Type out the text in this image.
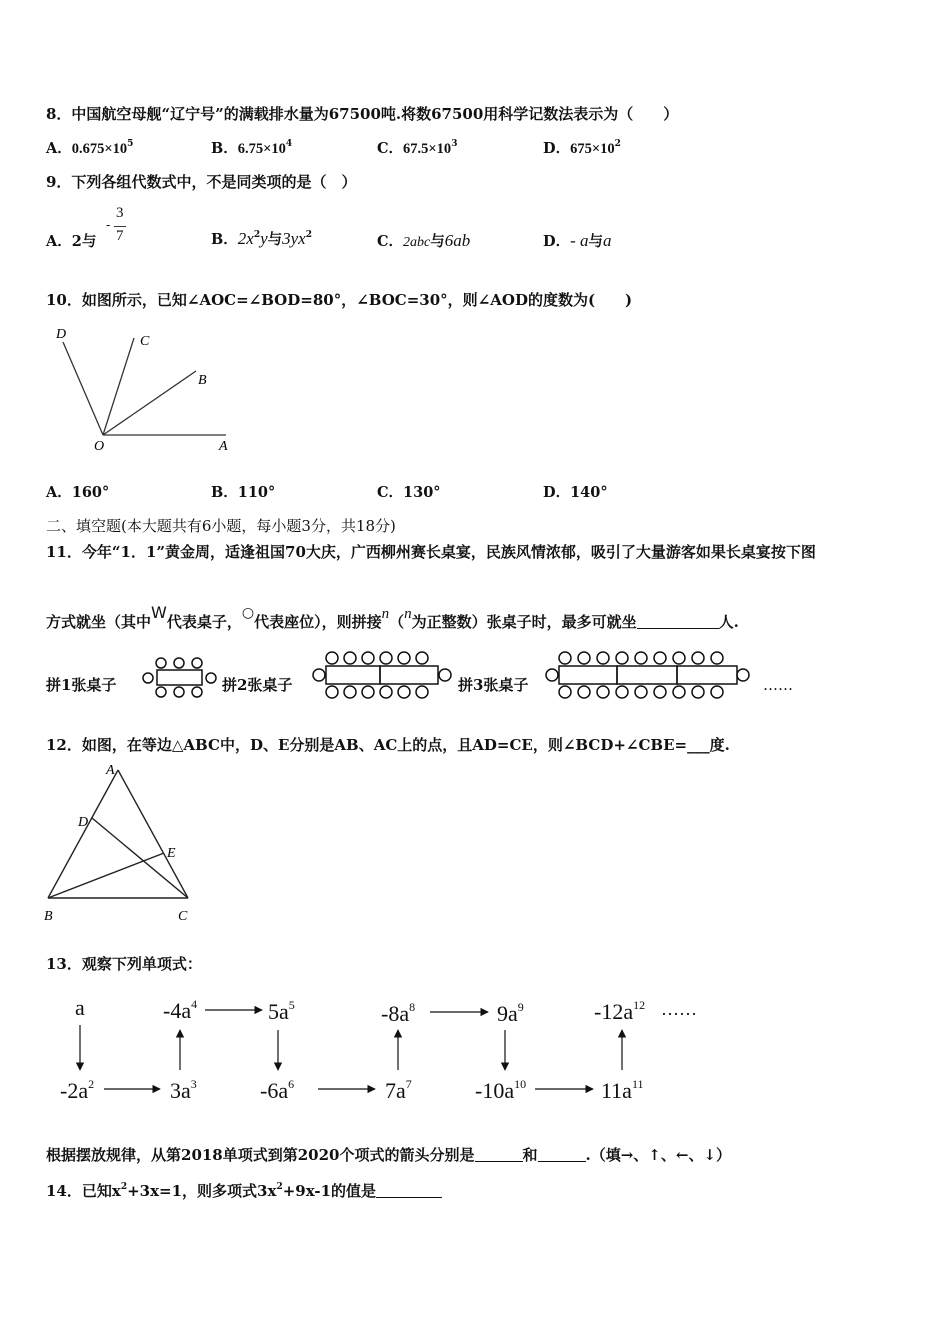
8．中国航空母舰“辽宁号”的满载排水量为67500吨.将数67500用科学记数法表示为（　　）
A．$0.675\times 10^5$	B．$6.75\times 10^4$	C．$67.5\times 10^3$	D．$675\times 10^2$
9．下列各组代数式中，不是同类项的是（　）
A．2与
-
3
7	B．$2x^2y$与$3yx^2$	C．2abc与6ab	D．- a与a
10．如图所示，已知∠AOC=∠BOD=80°，∠BOC=30°，则∠AOD的度数为(　　)
D	C
B
O	A
A．160°	B．110°	C．130°	D．140°
二、填空题(本大题共有6小题，每小题3分，共18分)
11．今年“1．1”黄金周，适逢祖国70大庆，广西柳州赛长桌宴，民族风情浓郁，吸引了大量游客如果长桌宴按下图
方式就坐（其中W代表桌子，○代表座位），则拼接n（n为正整数）张桌子时，最多可就坐	人.
拼1张桌子	拼2张桌子	拼3张桌子	……
12．如图，在等边△ABC中，D、E分别是AB、AC上的点，且AD=CE，则∠BCD+∠CBE=___度.
A
D
E
B	C
13．观察下列单项式：
a	$-4a^4$	$5a^5$	$-8a^8$	$9a^9$	$-12a^{12}$ ……
$-2a^2$	$3a^3$	$-6a^6$	$7a^7$	$-10a^{10}$	$11a^{11}$
根据摆放规律，从第2018单项式到第2020个项式的箭头分别是	和	.（填→、↑、←、↓）
14．已知$x^2+3x=1$，则多项式$3x^2+9x-1$的值是
